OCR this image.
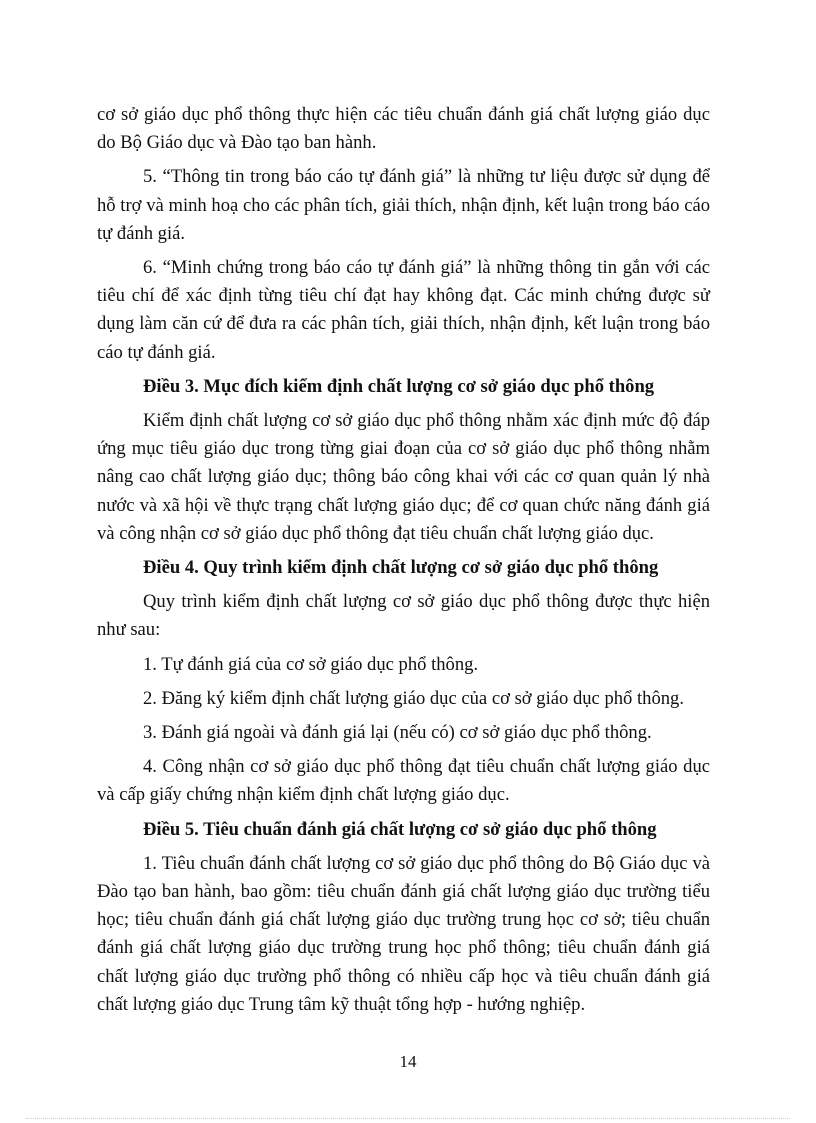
cơ sở giáo dục phổ thông thực hiện các tiêu chuẩn đánh giá chất lượng giáo dục do Bộ Giáo dục và Đào tạo ban hành.

5. “Thông tin trong báo cáo tự đánh giá” là những tư liệu được sử dụng để hỗ trợ và minh hoạ cho các phân tích, giải thích, nhận định, kết luận trong báo cáo tự đánh giá.

6. “Minh chứng trong báo cáo tự đánh giá” là những thông tin gắn với các tiêu chí để xác định từng tiêu chí đạt hay không đạt. Các minh chứng được sử dụng làm căn cứ để đưa ra các phân tích, giải thích, nhận định, kết luận trong báo cáo tự đánh giá.

Điều 3. Mục đích kiểm định chất lượng cơ sở giáo dục phổ thông

Kiểm định chất lượng cơ sở giáo dục phổ thông nhằm xác định mức độ đáp ứng mục tiêu giáo dục trong từng giai đoạn của cơ sở giáo dục phổ thông nhằm nâng cao chất lượng giáo dục; thông báo công khai với các cơ quan quản lý nhà nước và xã hội về thực trạng chất lượng giáo dục; để cơ quan chức năng đánh giá và công nhận cơ sở giáo dục phổ thông đạt tiêu chuẩn chất lượng giáo dục.

Điều 4. Quy trình kiểm định chất lượng cơ sở giáo dục phổ thông

Quy trình kiểm định chất lượng cơ sở giáo dục phổ thông được thực hiện như sau:

1. Tự đánh giá của cơ sở giáo dục phổ thông.

2. Đăng ký kiểm định chất lượng giáo dục của cơ sở giáo dục phổ thông.

3. Đánh giá ngoài và đánh giá lại (nếu có) cơ sở giáo dục phổ thông.

4. Công nhận cơ sở giáo dục phổ thông đạt tiêu chuẩn chất lượng giáo dục và cấp giấy chứng nhận kiểm định chất lượng giáo dục.

Điều 5. Tiêu chuẩn đánh giá chất lượng cơ sở giáo dục phổ thông

1. Tiêu chuẩn đánh chất lượng cơ sở giáo dục phổ thông do Bộ Giáo dục và Đào tạo ban hành, bao gồm: tiêu chuẩn đánh giá chất lượng giáo dục trường tiểu học; tiêu chuẩn đánh giá chất lượng giáo dục trường trung học cơ sở; tiêu chuẩn đánh giá chất lượng giáo dục trường trung học phổ thông; tiêu chuẩn đánh giá chất lượng giáo dục trường phổ thông có nhiều cấp học và tiêu chuẩn đánh giá chất lượng giáo dục Trung tâm kỹ thuật tổng hợp - hướng nghiệp.

14
